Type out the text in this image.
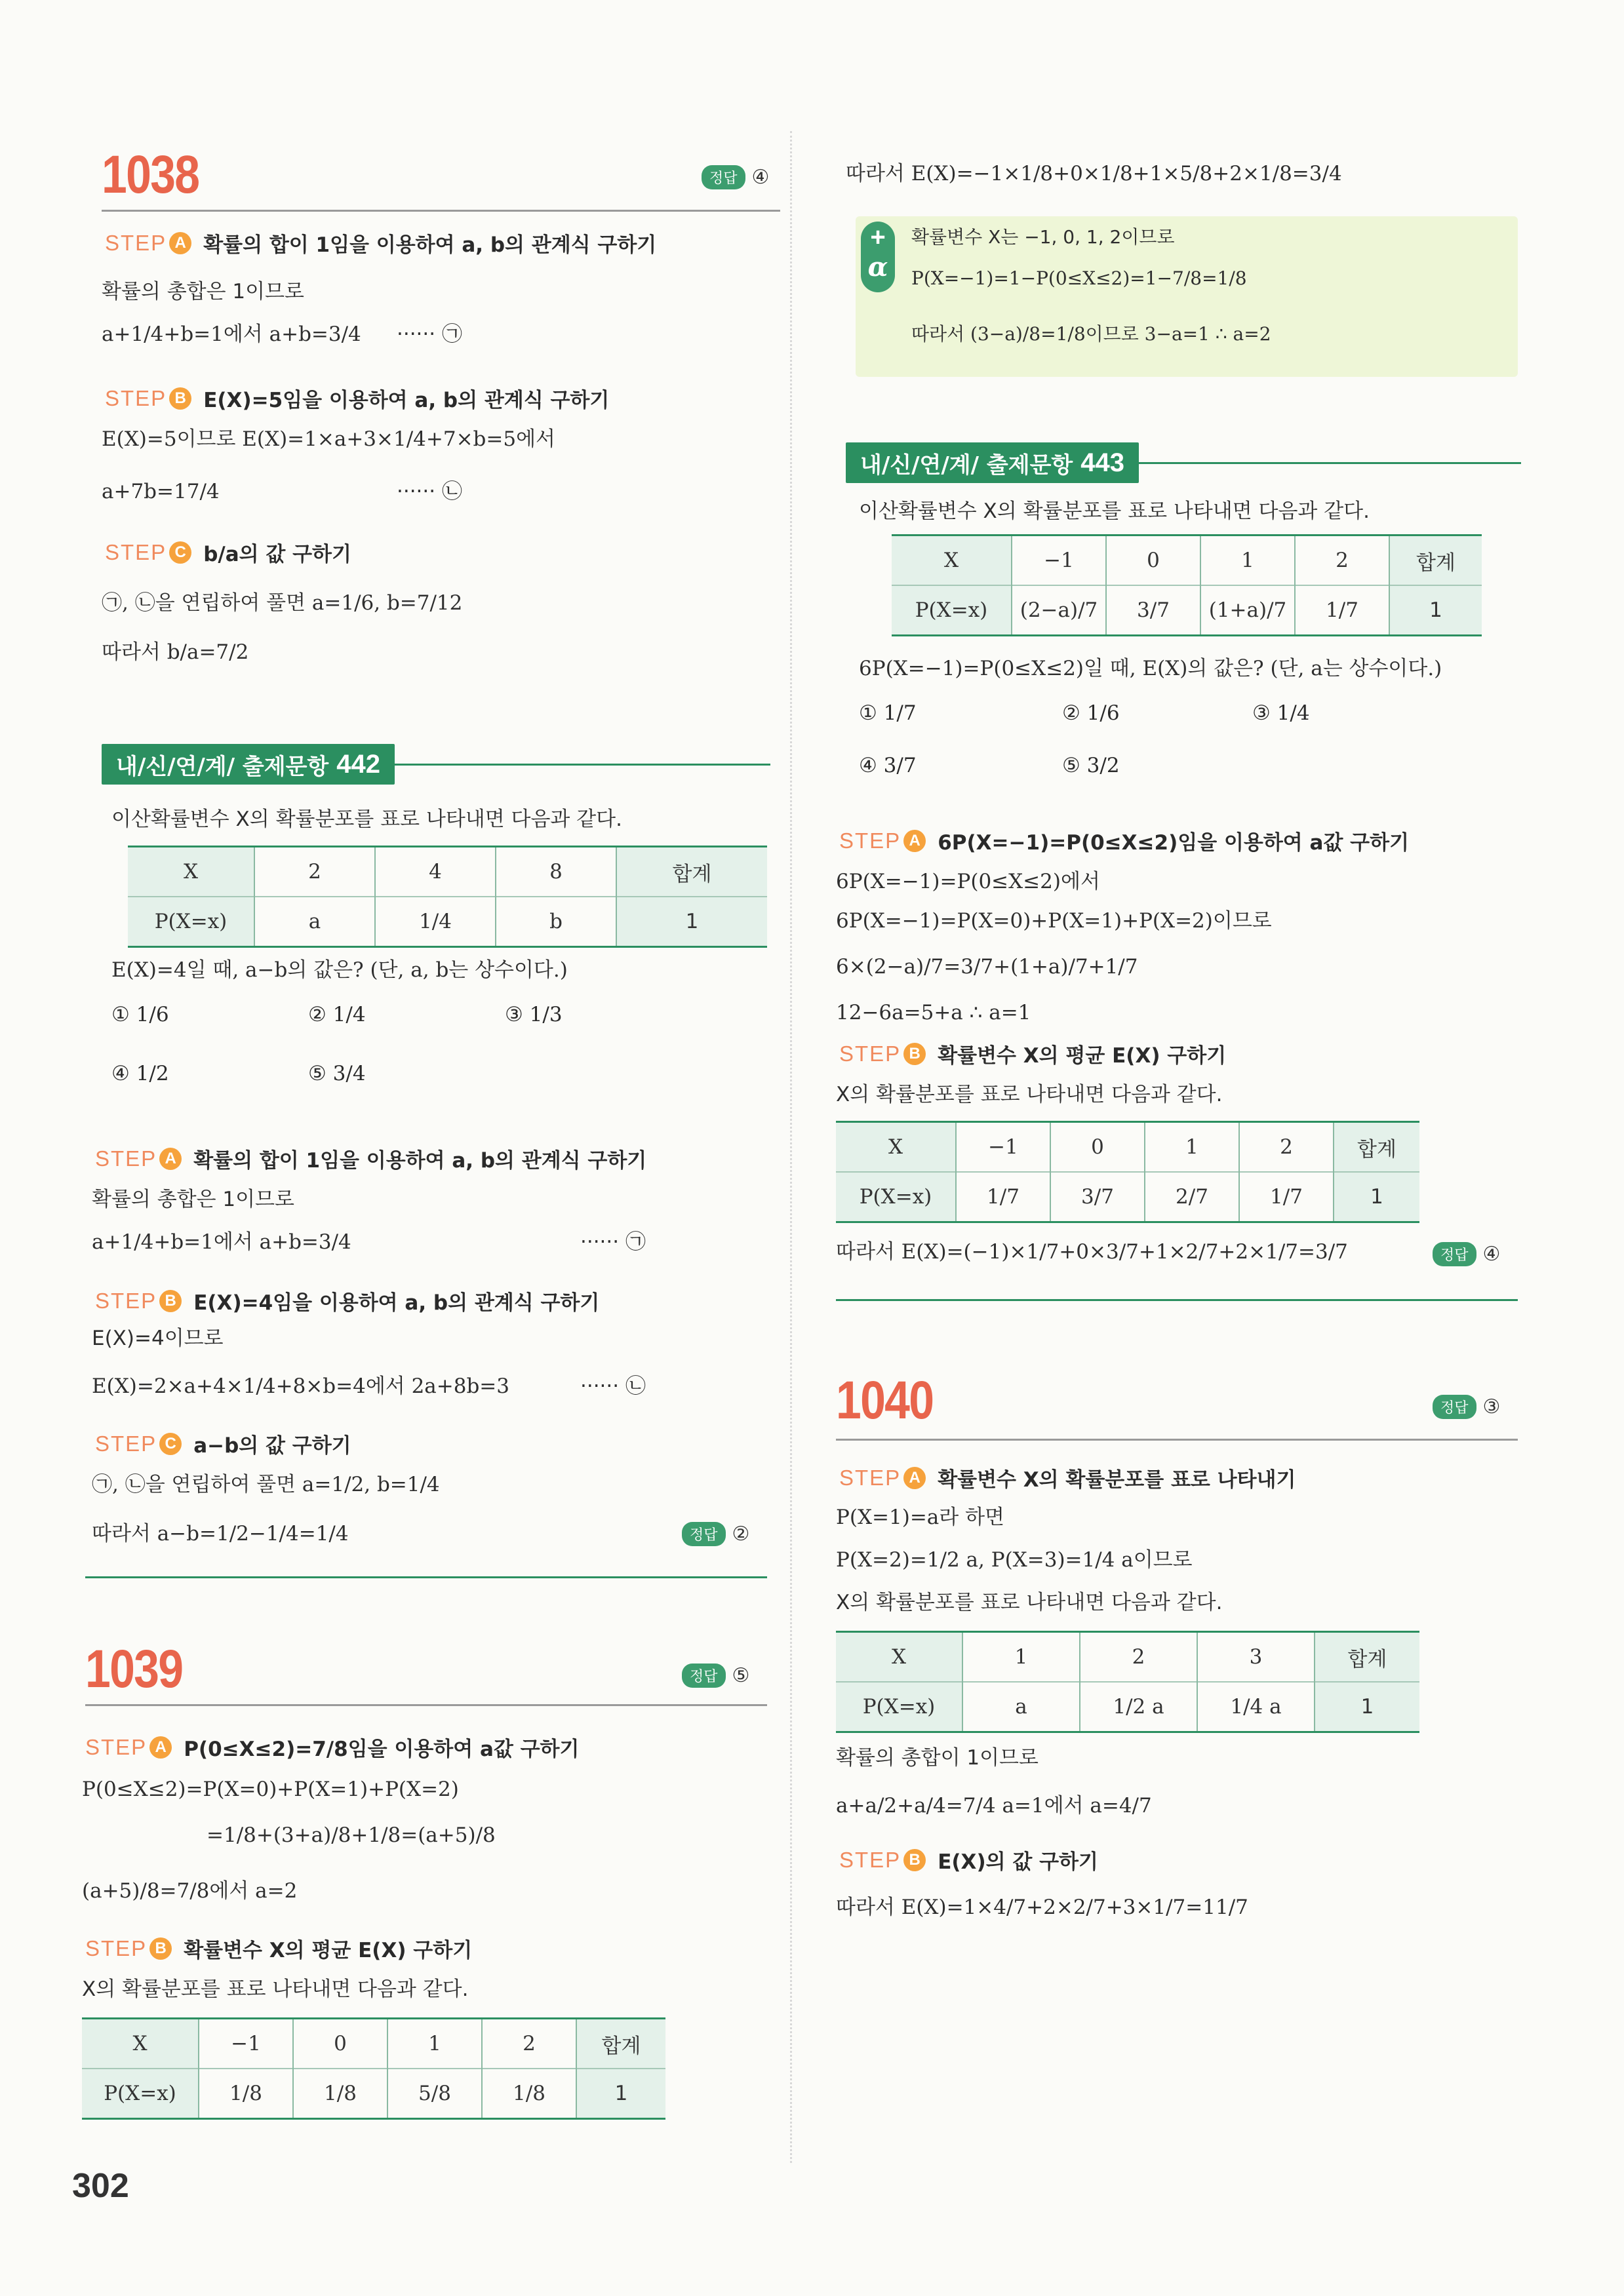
1038	정답 ④
STEP A 확률의 합이 1임을 이용하여 a, b의 관계식 구하기
확률의 총합은 1이므로
a+1/4+b=1에서 a+b=3/4 ······ ㉠
STEP B E(X)=5임을 이용하여 a, b의 관계식 구하기
E(X)=5이므로 E(X)=1×a+3×1/4+7×b=5에서
a+7b=17/4	······ ㉡
STEP C b/a의 값 구하기
㉠, ㉡을 연립하여 풀면 a=1/6, b=7/12
따라서 b/a=7/2
내/신/연/계/ 출제문항 442
이산확률변수 X의 확률분포를 표로 나타내면 다음과 같다.
X	2	4	8	합계
P(X=x)	a	1/4	b	1
E(X)=4일 때, a−b의 값은? (단, a, b는 상수이다.)
① 1/6	② 1/4	③ 1/3
④ 1/2	⑤ 3/4
STEP A 확률의 합이 1임을 이용하여 a, b의 관계식 구하기
확률의 총합은 1이므로
a+1/4+b=1에서 a+b=3/4	······ ㉠
STEP B E(X)=4임을 이용하여 a, b의 관계식 구하기
E(X)=4이므로
E(X)=2×a+4×1/4+8×b=4에서 2a+8b=3	······ ㉡
STEP C a−b의 값 구하기
㉠, ㉡을 연립하여 풀면 a=1/2, b=1/4
따라서 a−b=1/2−1/4=1/4	정답 ②
1039	정답 ⑤
STEP A P(0≤X≤2)=7/8임을 이용하여 a값 구하기
P(0≤X≤2)=P(X=0)+P(X=1)+P(X=2)
=1/8+(3+a)/8+1/8=(a+5)/8
(a+5)/8=7/8에서 a=2
STEP B 확률변수 X의 평균 E(X) 구하기
X의 확률분포를 표로 나타내면 다음과 같다.
X	−1	0	1	2	합계
P(X=x)	1/8	1/8	5/8	1/8	1
따라서 E(X)=−1×1/8+0×1/8+1×5/8+2×1/8=3/4
+
α
확률변수 X는 −1, 0, 1, 2이므로
P(X=−1)=1−P(0≤X≤2)=1−7/8=1/8
따라서 (3−a)/8=1/8이므로 3−a=1 ∴ a=2
내/신/연/계/ 출제문항 443
이산확률변수 X의 확률분포를 표로 나타내면 다음과 같다.
X	−1	0	1	2	합계
P(X=x)	(2−a)/7	3/7	(1+a)/7	1/7	1
6P(X=−1)=P(0≤X≤2)일 때, E(X)의 값은? (단, a는 상수이다.)
① 1/7	② 1/6	③ 1/4
④ 3/7	⑤ 3/2
STEP A 6P(X=−1)=P(0≤X≤2)임을 이용하여 a값 구하기
6P(X=−1)=P(0≤X≤2)에서
6P(X=−1)=P(X=0)+P(X=1)+P(X=2)이므로
6×(2−a)/7=3/7+(1+a)/7+1/7
12−6a=5+a ∴ a=1
STEP B 확률변수 X의 평균 E(X) 구하기
X의 확률분포를 표로 나타내면 다음과 같다.
X	−1	0	1	2	합계
P(X=x)	1/7	3/7	2/7	1/7	1
따라서 E(X)=(−1)×1/7+0×3/7+1×2/7+2×1/7=3/7	정답 ④
1040	정답 ③
STEP A 확률변수 X의 확률분포를 표로 나타내기
P(X=1)=a라 하면
P(X=2)=1/2 a, P(X=3)=1/4 a이므로
X의 확률분포를 표로 나타내면 다음과 같다.
X	1	2	3	합계
P(X=x)	a	1/2 a	1/4 a	1
확률의 총합이 1이므로
a+a/2+a/4=7/4 a=1에서 a=4/7
STEP B E(X)의 값 구하기
따라서 E(X)=1×4/7+2×2/7+3×1/7=11/7
302
